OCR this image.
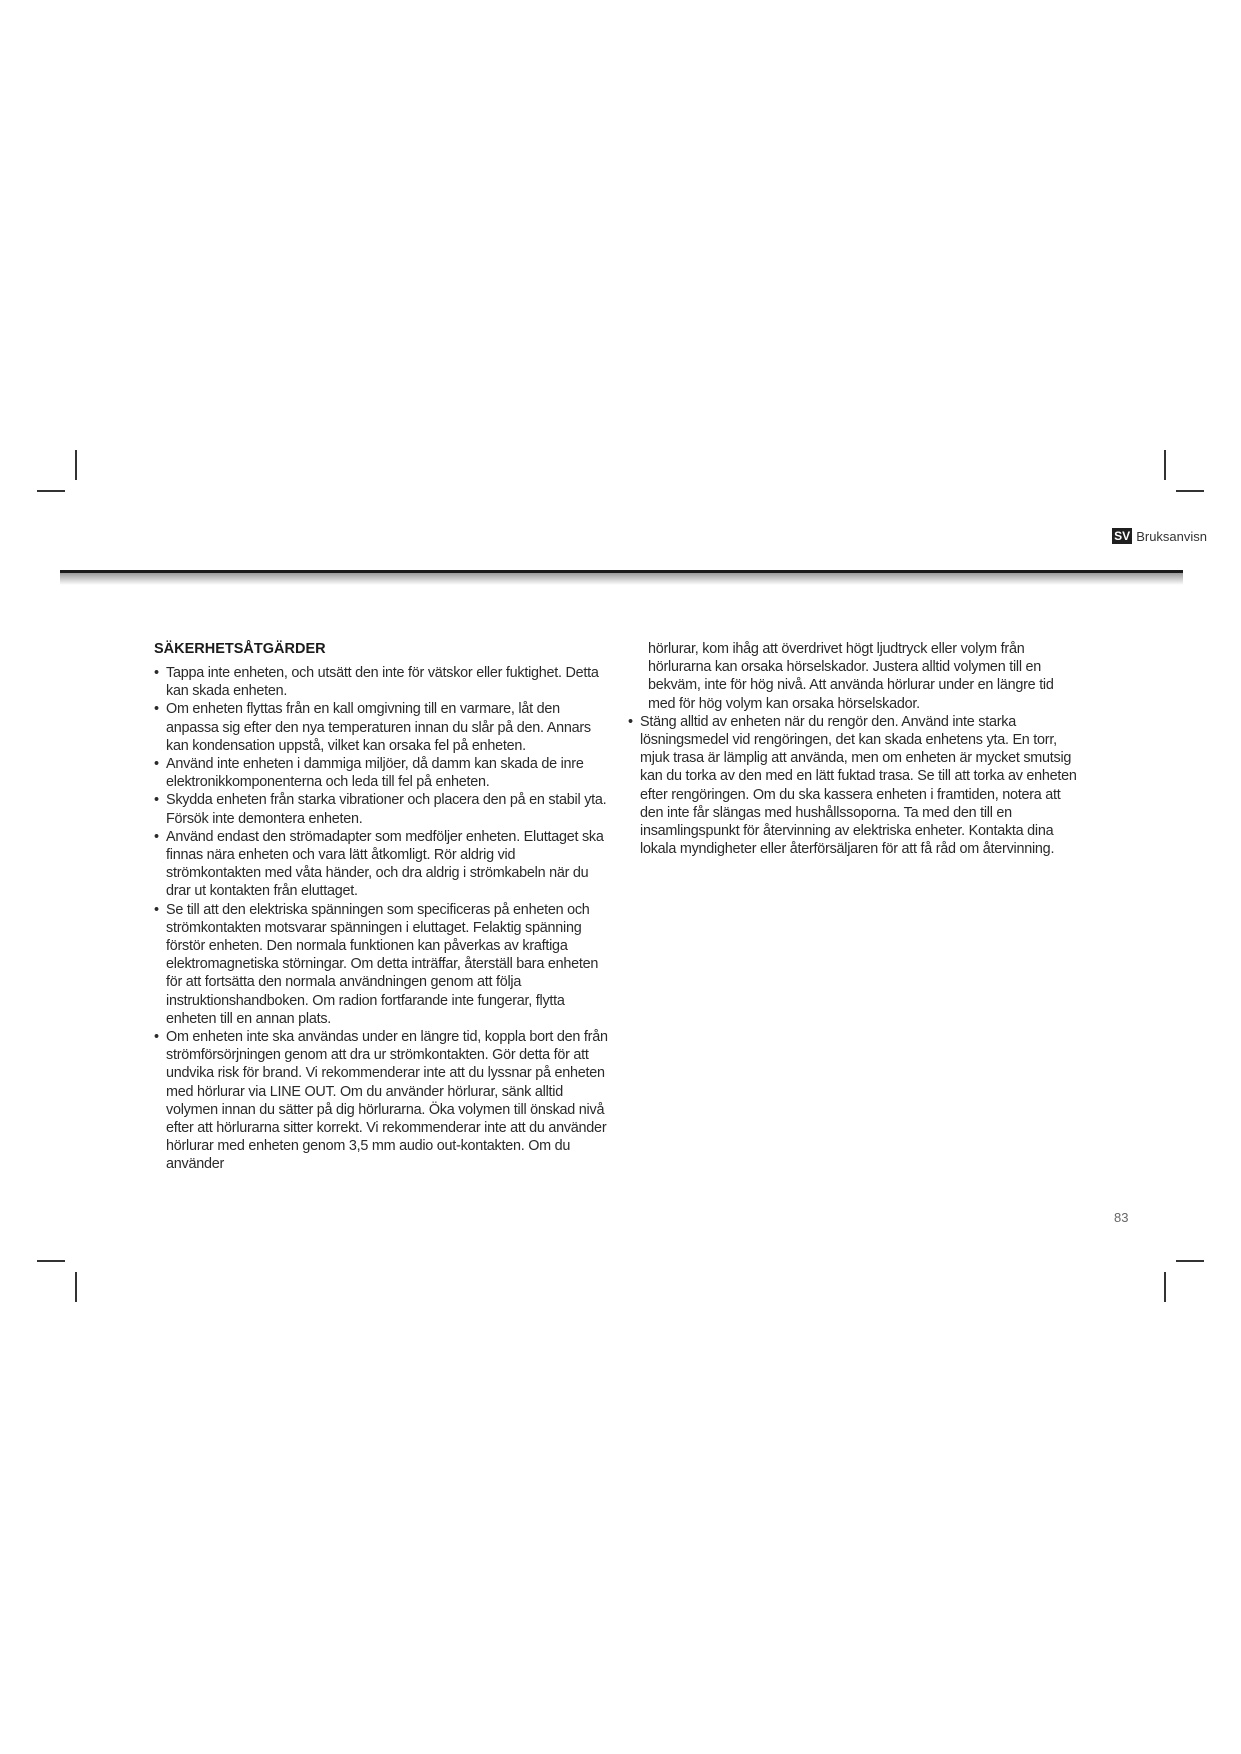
SV Bruksanvisn
SÄKERHETSÅTGÄRDER
• Tappa inte enheten, och utsätt den inte för vätskor eller fuktighet. Detta kan skada enheten.
• Om enheten flyttas från en kall omgivning till en varmare, låt den anpassa sig efter den nya temperaturen innan du slår på den. Annars kan kondensation uppstå, vilket kan orsaka fel på enheten.
• Använd inte enheten i dammiga miljöer, då damm kan skada de inre elektronikkomponenterna och leda till fel på enheten.
• Skydda enheten från starka vibrationer och placera den på en stabil yta. Försök inte demontera enheten.
• Använd endast den strömadapter som medföljer enheten. Eluttaget ska finnas nära enheten och vara lätt åtkomligt. Rör aldrig vid strömkontakten med våta händer, och dra aldrig i strömkabeln när du drar ut kontakten från eluttaget.
• Se till att den elektriska spänningen som specificeras på enheten och strömkontakten motsvarar spänningen i eluttaget. Felaktig spänning förstör enheten. Den normala funktionen kan påverkas av kraftiga elektromagnetiska störningar. Om detta inträffar, återställ bara enheten för att fortsätta den normala användningen genom att följa instruktionshandboken. Om radion fortfarande inte fungerar, flytta enheten till en annan plats.
• Om enheten inte ska användas under en längre tid, koppla bort den från strömförsörjningen genom att dra ur strömkontakten. Gör detta för att undvika risk för brand. Vi rekommenderar inte att du lyssnar på enheten med hörlurar via LINE OUT. Om du använder hörlurar, sänk alltid volymen innan du sätter på dig hörlurarna. Öka volymen till önskad nivå efter att hörlurarna sitter korrekt. Vi rekommenderar inte att du använder hörlurar med enheten genom 3,5 mm audio out-kontakten. Om du använder

hörlurar, kom ihåg att överdrivet högt ljudtryck eller volym från hörlurarna kan orsaka hörselskador. Justera alltid volymen till en bekväm, inte för hög nivå. Att använda hörlurar under en längre tid med för hög volym kan orsaka hörselskador.

• Stäng alltid av enheten när du rengör den. Använd inte starka lösningsmedel vid rengöringen, det kan skada enhetens yta. En torr, mjuk trasa är lämplig att använda, men om enheten är mycket smutsig kan du torka av den med en lätt fuktad trasa. Se till att torka av enheten efter rengöringen. Om du ska kassera enheten i framtiden, notera att den inte får slängas med hushållssoporna. Ta med den till en insamlingspunkt för återvinning av elektriska enheter. Kontakta dina lokala myndigheter eller återförsäljaren för att få råd om återvinning.
83
